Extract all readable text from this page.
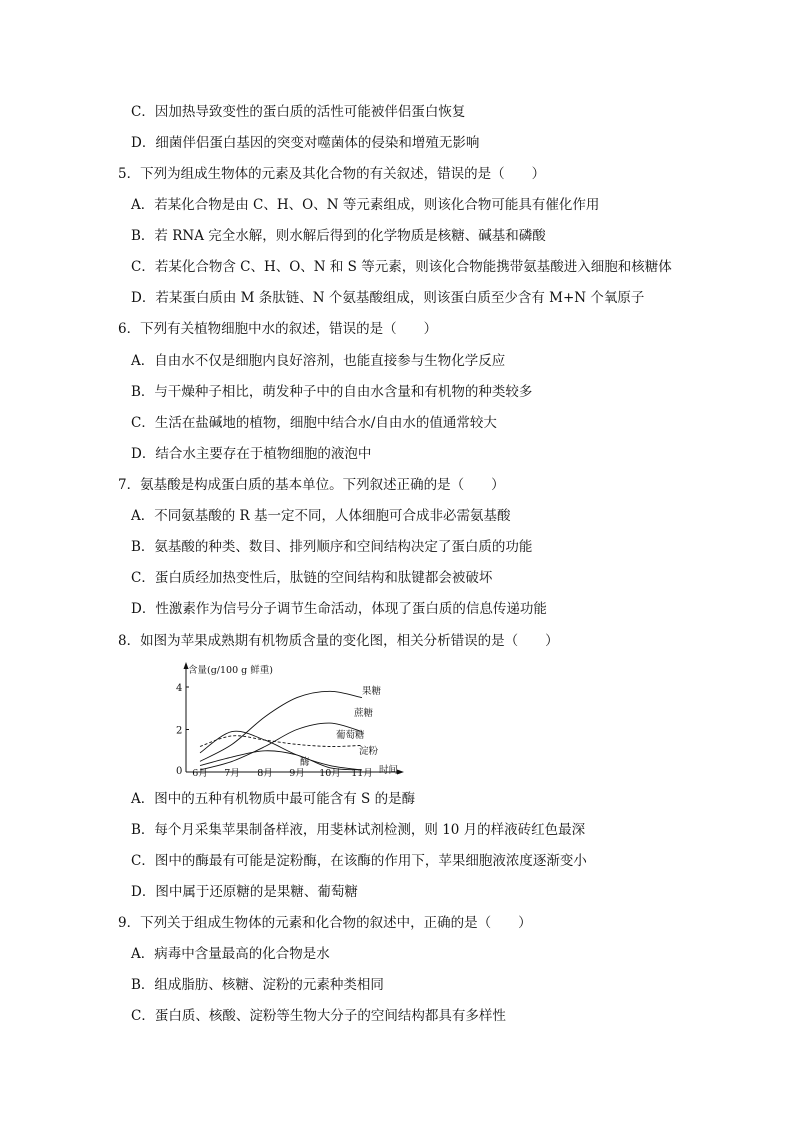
C．因加热导致变性的蛋白质的活性可能被伴侣蛋白恢复
D．细菌伴侣蛋白基因的突变对噬菌体的侵染和增殖无影响
5．下列为组成生物体的元素及其化合物的有关叙述，错误的是（　　）
A．若某化合物是由 C、H、O、N 等元素组成，则该化合物可能具有催化作用
B．若 RNA 完全水解，则水解后得到的化学物质是核糖、碱基和磷酸
C．若某化合物含 C、H、O、N 和 S 等元素，则该化合物能携带氨基酸进入细胞和核糖体
D．若某蛋白质由 M 条肽链、N 个氨基酸组成，则该蛋白质至少含有 M+N 个氧原子
6．下列有关植物细胞中水的叙述，错误的是（　　）
A．自由水不仅是细胞内良好溶剂，也能直接参与生物化学反应
B．与干燥种子相比，萌发种子中的自由水含量和有机物的种类较多
C．生活在盐碱地的植物，细胞中结合水/自由水的值通常较大
D．结合水主要存在于植物细胞的液泡中
7．氨基酸是构成蛋白质的基本单位。下列叙述正确的是（　　）
A．不同氨基酸的 R 基一定不同，人体细胞可合成非必需氨基酸
B．氨基酸的种类、数目、排列顺序和空间结构决定了蛋白质的功能
C．蛋白质经加热变性后，肽链的空间结构和肽键都会被破坏
D．性激素作为信号分子调节生命活动，体现了蛋白质的信息传递功能
8．如图为苹果成熟期有机物质含量的变化图，相关分析错误的是（　　）
A．图中的五种有机物质中最可能含有 S 的是酶
B．每个月采集苹果制备样液，用斐林试剂检测，则 10 月的样液砖红色最深
C．图中的酶最有可能是淀粉酶，在该酶的作用下，苹果细胞液浓度逐渐变小
D．图中属于还原糖的是果糖、葡萄糖
9．下列关于组成生物体的元素和化合物的叙述中，正确的是（　　）
A．病毒中含量最高的化合物是水
B．组成脂肪、核糖、淀粉的元素种类相同
C．蛋白质、核酸、淀粉等生物大分子的空间结构都具有多样性
含量(g/100 g 鲜重)
0	时间
2
4
6月 7月 8月 9月 10月 11月
果糖
蔗糖
葡萄糖
淀粉
酶
